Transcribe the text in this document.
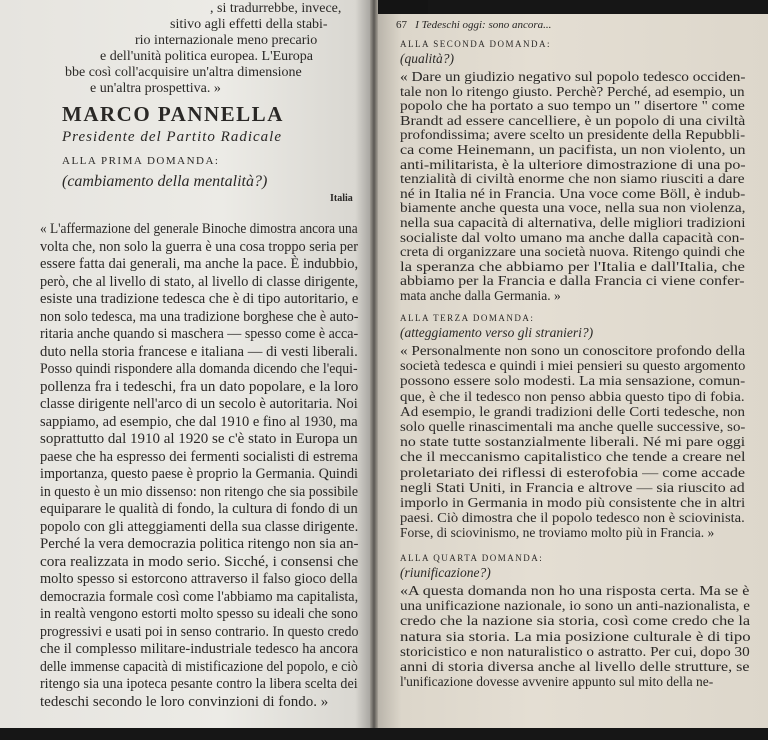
, si tradurrebbe, invece,
sitivo agli effetti della stabi-
rio internazionale meno precario
e dell'unità politica europea. L'Europa
bbe così coll'acquisire un'altra dimensione
e un'altra prospettiva. »
MARCO PANNELLA
Presidente del Partito Radicale
ALLA PRIMA DOMANDA:
(cambiamento della mentalità?)
Italia
« L'affermazione del generale Binoche dimostra ancora una
volta che, non solo la guerra è una cosa troppo seria per
essere fatta dai generali, ma anche la pace. È indubbio,
però, che al livello di stato, al livello di classe dirigente,
esiste una tradizione tedesca che è di tipo autoritario, e
non solo tedesca, ma una tradizione borghese che è auto-
ritaria anche quando si maschera — spesso come è acca-
duto nella storia francese e italiana — di vesti liberali.
Posso quindi rispondere alla domanda dicendo che l'equi-
pollenza fra i tedeschi, fra un dato popolare, e la loro
classe dirigente nell'arco di un secolo è autoritaria. Noi
sappiamo, ad esempio, che dal 1910 e fino al 1930, ma
soprattutto dal 1910 al 1920 se c'è stato in Europa un
paese che ha espresso dei fermenti socialisti di estrema
importanza, questo paese è proprio la Germania. Quindi
in questo è un mio dissenso: non ritengo che sia possibile
equiparare le qualità di fondo, la cultura di fondo di un
popolo con gli atteggiamenti della sua classe dirigente.
Perché la vera democrazia politica ritengo non sia an-
cora realizzata in modo serio. Sicché, i consensi che
molto spesso si estorcono attraverso il falso gioco della
democrazia formale così come l'abbiamo ma capitalista,
in realtà vengono estorti molto spesso su ideali che sono
progressivi e usati poi in senso contrario. In questo credo
che il complesso militare-industriale tedesco ha ancora
delle immense capacità di mistificazione del popolo, e ciò
ritengo sia una ipoteca pesante contro la libera scelta dei
tedeschi secondo le loro convinzioni di fondo. »
67 I Tedeschi oggi: sono ancora...
ALLA SECONDA DOMANDA:
(qualità?)
« Dare un giudizio negativo sul popolo tedesco occiden-
tale non lo ritengo giusto. Perchè? Perché, ad esempio, un
popolo che ha portato a suo tempo un " disertore " come
Brandt ad essere cancelliere, è un popolo di una civiltà
profondissima; avere scelto un presidente della Repubbli-
ca come Heinemann, un pacifista, un non violento, un
anti-militarista, è la ulteriore dimostrazione di una po-
tenzialità di civiltà enorme che non siamo riusciti a dare
né in Italia né in Francia. Una voce come Böll, è indub-
biamente anche questa una voce, nella sua non violenza,
nella sua capacità di alternativa, delle migliori tradizioni
socialiste dal volto umano ma anche dalla capacità con-
creta di organizzare una società nuova. Ritengo quindi che
la speranza che abbiamo per l'Italia e dall'Italia, che
abbiamo per la Francia e dalla Francia ci viene confer-
mata anche dalla Germania. »
ALLA TERZA DOMANDA:
(atteggiamento verso gli stranieri?)
« Personalmente non sono un conoscitore profondo della
società tedesca e quindi i miei pensieri su questo argomento
possono essere solo modesti. La mia sensazione, comun-
que, è che il tedesco non penso abbia questo tipo di fobia.
Ad esempio, le grandi tradizioni delle Corti tedesche, non
solo quelle rinascimentali ma anche quelle successive, so-
no state tutte sostanzialmente liberali. Né mi pare oggi
che il meccanismo capitalistico che tende a creare nel
proletariato dei riflessi di esterofobia — come accade
negli Stati Uniti, in Francia e altrove — sia riuscito ad
imporlo in Germania in modo più consistente che in altri
paesi. Ciò dimostra che il popolo tedesco non è sciovinista.
Forse, di sciovinismo, ne troviamo molto più in Francia. »
ALLA QUARTA DOMANDA:
(riunificazione?)
«A questa domanda non ho una risposta certa. Ma se è
una unificazione nazionale, io sono un anti-nazionalista, e
credo che la nazione sia storia, così come credo che la
natura sia storia. La mia posizione culturale è di tipo
storicistico e non naturalistico o astratto. Per cui, dopo 30
anni di storia diversa anche al livello delle strutture, se
l'unificazione dovesse avvenire appunto sul mito della ne-
